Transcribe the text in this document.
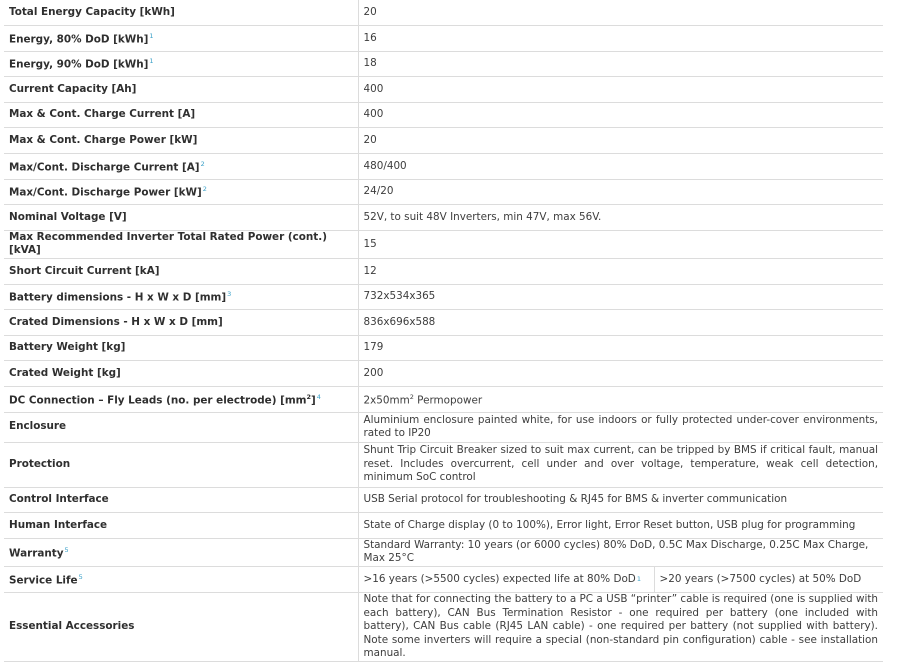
Total Energy Capacity [kWh]	20
Energy, 80% DoD [kWh]$^1$	16
Energy, 90% DoD [kWh]$^1$	18
Current Capacity [Ah]	400
Max & Cont. Charge Current [A]	400
Max & Cont. Charge Power [kW]	20
Max/Cont. Discharge Current [A]$^2$	480/400
Max/Cont. Discharge Power [kW]$^2$	24/20
Nominal Voltage [V]	52V, to suit 48V Inverters, min 47V, max 56V.
Max Recommended Inverter Total Rated Power (cont.) [kVA]	15
Short Circuit Current [kA]	12
Battery dimensions - H x W x D [mm]$^3$	732x534x365
Crated Dimensions - H x W x D [mm]	836x696x588
Battery Weight [kg]	179
Crated Weight [kg]	200
DC Connection – Fly Leads (no. per electrode) $[mm^2]^4$	$2x50mm^2$ Permopower
Enclosure	Aluminium enclosure painted white, for use indoors or fully protected under-cover environments, rated to IP20
Protection	Shunt Trip Circuit Breaker sized to suit max current, can be tripped by BMS if critical fault, manual reset. Includes overcurrent, cell under and over voltage, temperature, weak cell detection, minimum SoC control
Control Interface	USB Serial protocol for troubleshooting & RJ45 for BMS & inverter communication
Human Interface	State of Charge display (0 to 100%), Error light, Error Reset button, USB plug for programming
Warranty$^5$	Standard Warranty: 10 years (or 6000 cycles) 80% DoD, 0.5C Max Discharge, 0.25C Max Charge, Max 25°C
Service Life$^5$	>16 years (>5500 cycles) expected life at 80% DoD 1 >20 years (>7500 cycles) at 50% DoD

Essential Accessories	Note that for connecting the battery to a PC a USB “printer” cable is required (one is supplied with each battery), CAN Bus Termination Resistor - one required per battery (one included with battery), CAN Bus cable (RJ45 LAN cable) - one required per battery (not supplied with battery). Note some inverters will require a special (non-standard pin configuration) cable - see installation manual.
